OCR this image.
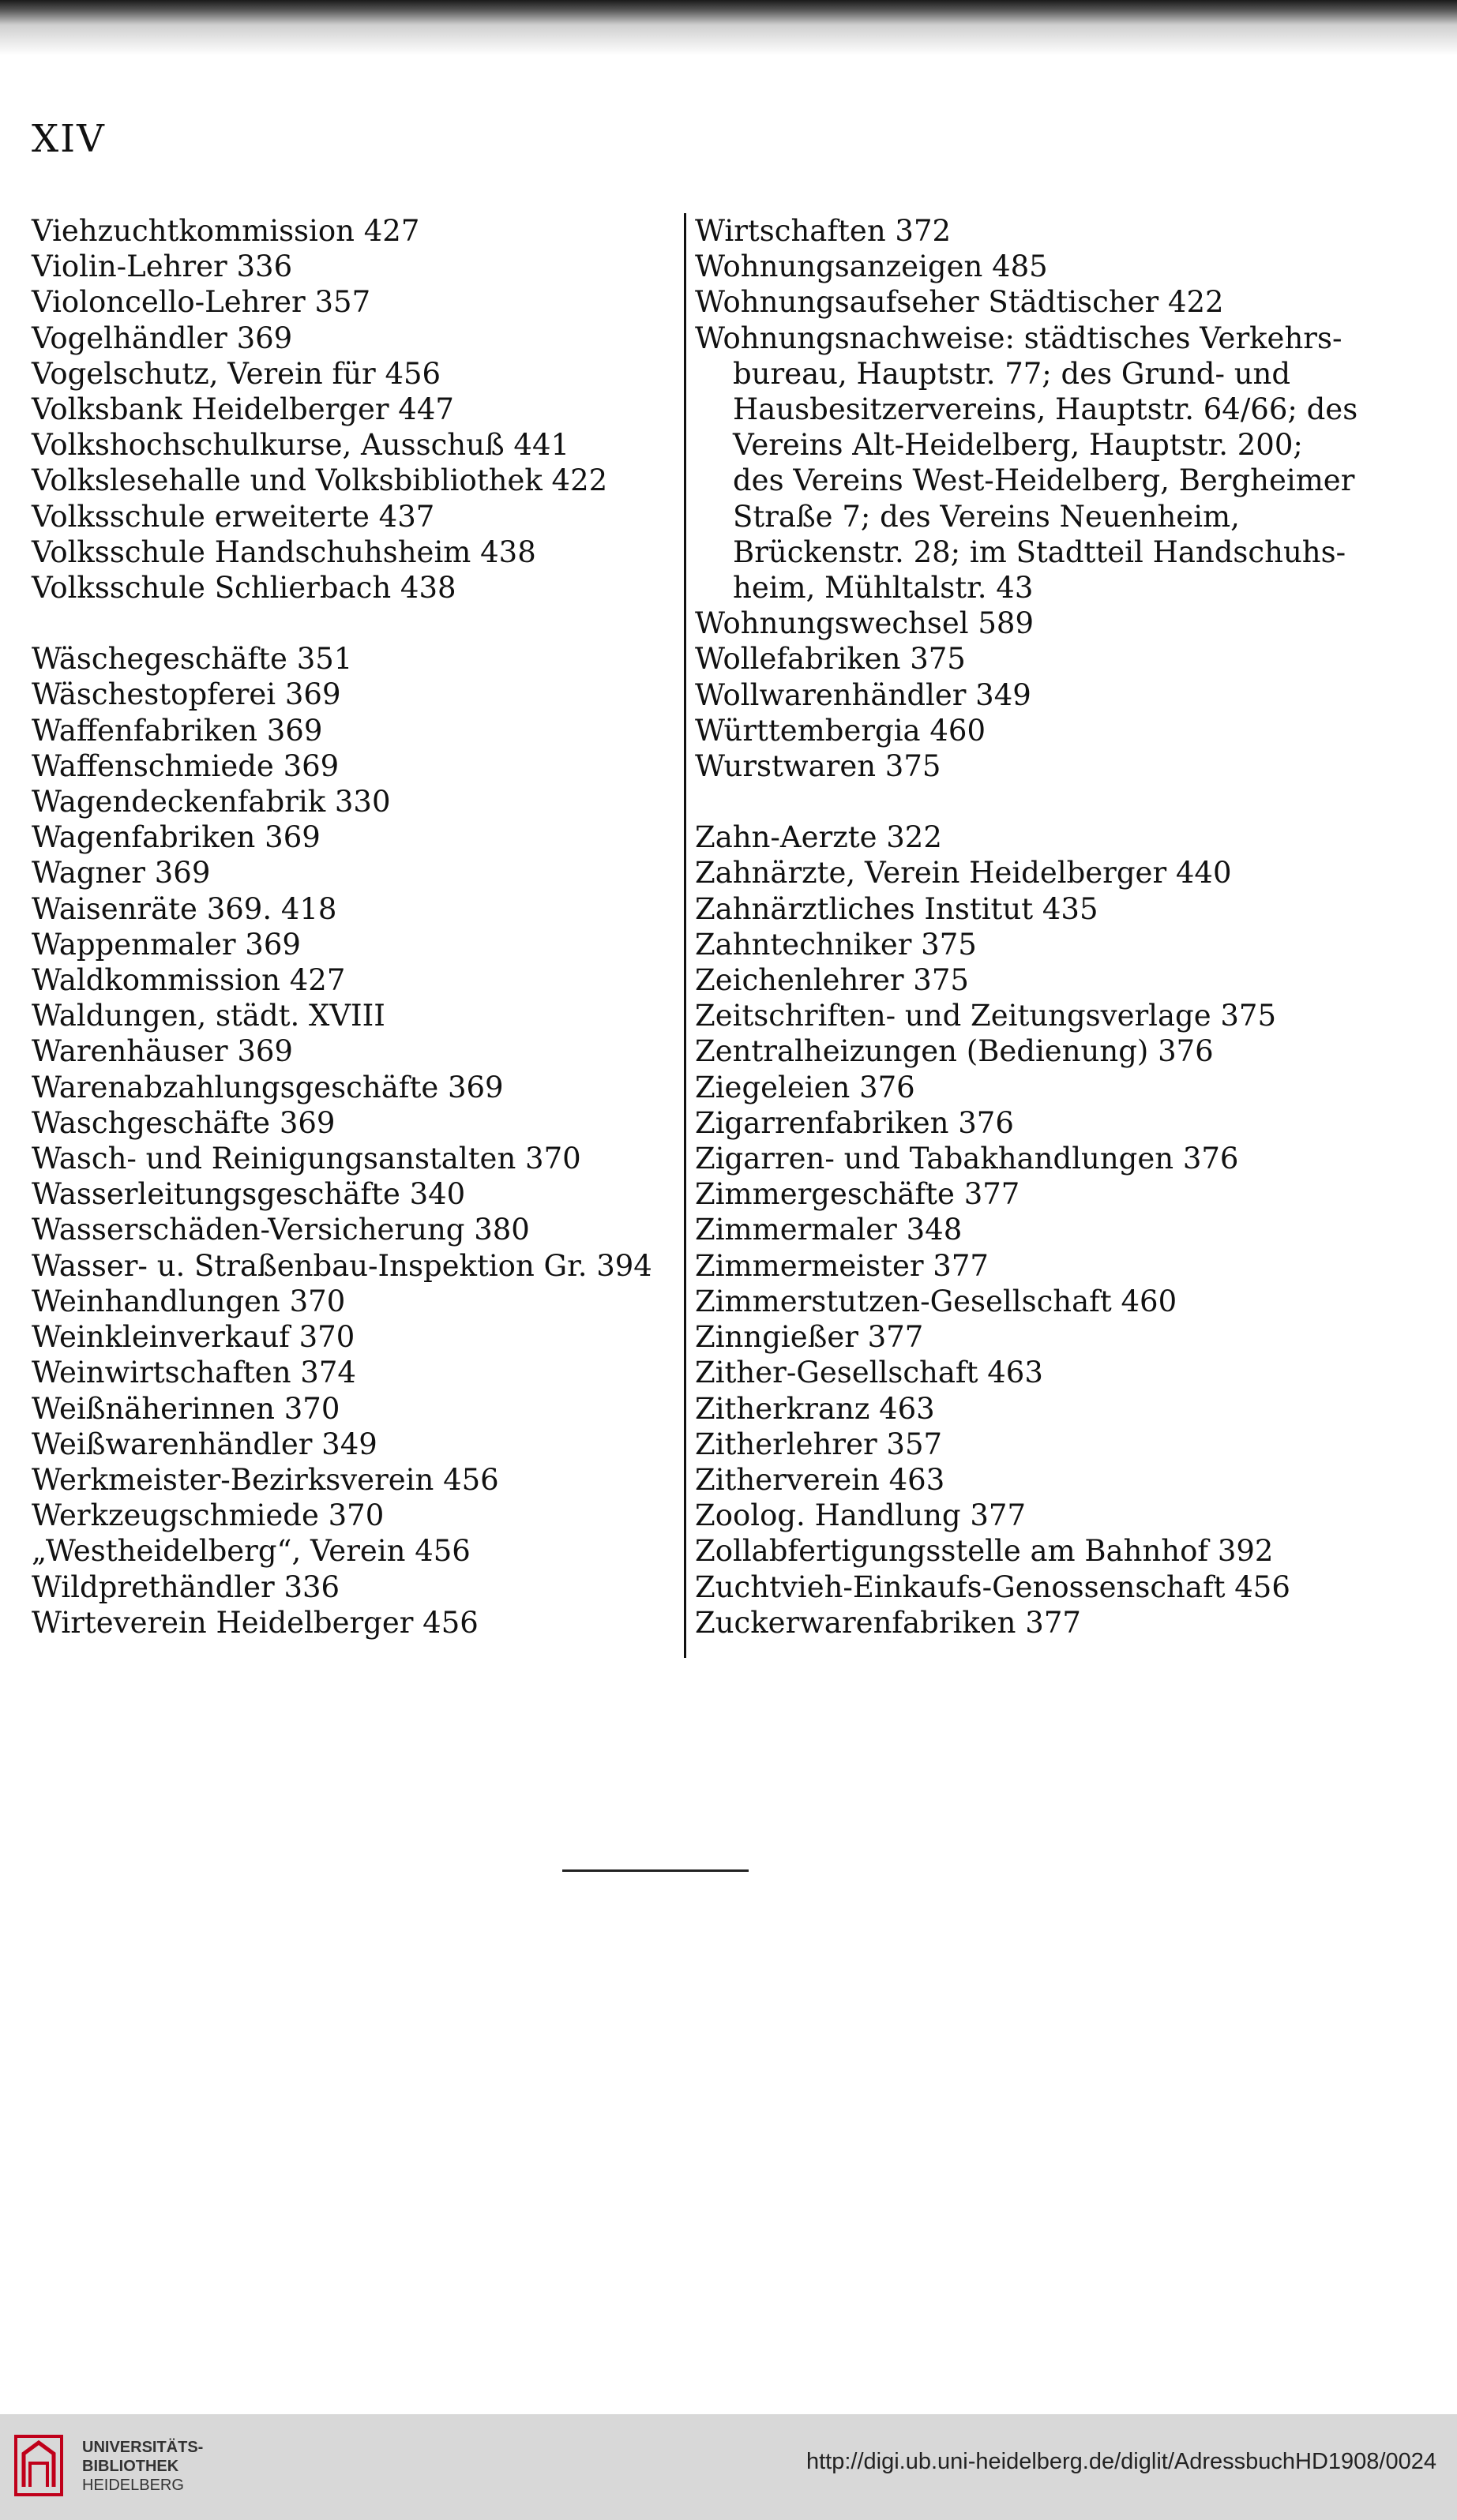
XIV
Viehzuchtkommission 427
Violin-Lehrer 336
Violoncello-Lehrer 357
Vogelhändler 369
Vogelschutz, Verein für 456
Volksbank Heidelberger 447
Volkshochschulkurse, Ausschuß 441
Volkslesehalle und Volksbibliothek 422
Volksschule erweiterte 437
Volksschule Handschuhsheim 438
Volksschule Schlierbach 438
Wäschegeschäfte 351
Wäschestopferei 369
Waffenfabriken 369
Waffenschmiede 369
Wagendeckenfabrik 330
Wagenfabriken 369
Wagner 369
Waisenräte 369. 418
Wappenmaler 369
Waldkommission 427
Waldungen, städt. XVIII
Warenhäuser 369
Warenabzahlungsgeschäfte 369
Waschgeschäfte 369
Wasch- und Reinigungsanstalten 370
Wasserleitungsgeschäfte 340
Wasserschäden-Versicherung 380
Wasser- u. Straßenbau-Inspektion Gr. 394
Weinhandlungen 370
Weinkleinverkauf 370
Weinwirtschaften 374
Weißnäherinnen 370
Weißwarenhändler 349
Werkmeister-Bezirksverein 456
Werkzeugschmiede 370
„Westheidelberg“, Verein 456
Wildprethändler 336
Wirteverein Heidelberger 456
Wirtschaften 372
Wohnungsanzeigen 485
Wohnungsaufseher Städtischer 422
Wohnungsnachweise: städtisches Verkehrs-
bureau, Hauptstr. 77; des Grund- und
Hausbesitzervereins, Hauptstr. 64/66; des
Vereins Alt-Heidelberg, Hauptstr. 200;
des Vereins West-Heidelberg, Bergheimer
Straße 7; des Vereins Neuenheim,
Brückenstr. 28; im Stadtteil Handschuhs-
heim, Mühltalstr. 43
Wohnungswechsel 589
Wollefabriken 375
Wollwarenhändler 349
Württembergia 460
Wurstwaren 375
Zahn-Aerzte 322
Zahnärzte, Verein Heidelberger 440
Zahnärztliches Institut 435
Zahntechniker 375
Zeichenlehrer 375
Zeitschriften- und Zeitungsverlage 375
Zentralheizungen (Bedienung) 376
Ziegeleien 376
Zigarrenfabriken 376
Zigarren- und Tabakhandlungen 376
Zimmergeschäfte 377
Zimmermaler 348
Zimmermeister 377
Zimmerstutzen-Gesellschaft 460
Zinngießer 377
Zither-Gesellschaft 463
Zitherkranz 463
Zitherlehrer 357
Zitherverein 463
Zoolog. Handlung 377
Zollabfertigungsstelle am Bahnhof 392
Zuchtvieh-Einkaufs-Genossenschaft 456
Zuckerwarenfabriken 377
UNIVERSITÄTS-
BIBLIOTHEK
HEIDELBERG
http://digi.ub.uni-heidelberg.de/diglit/AdressbuchHD1908/0024
